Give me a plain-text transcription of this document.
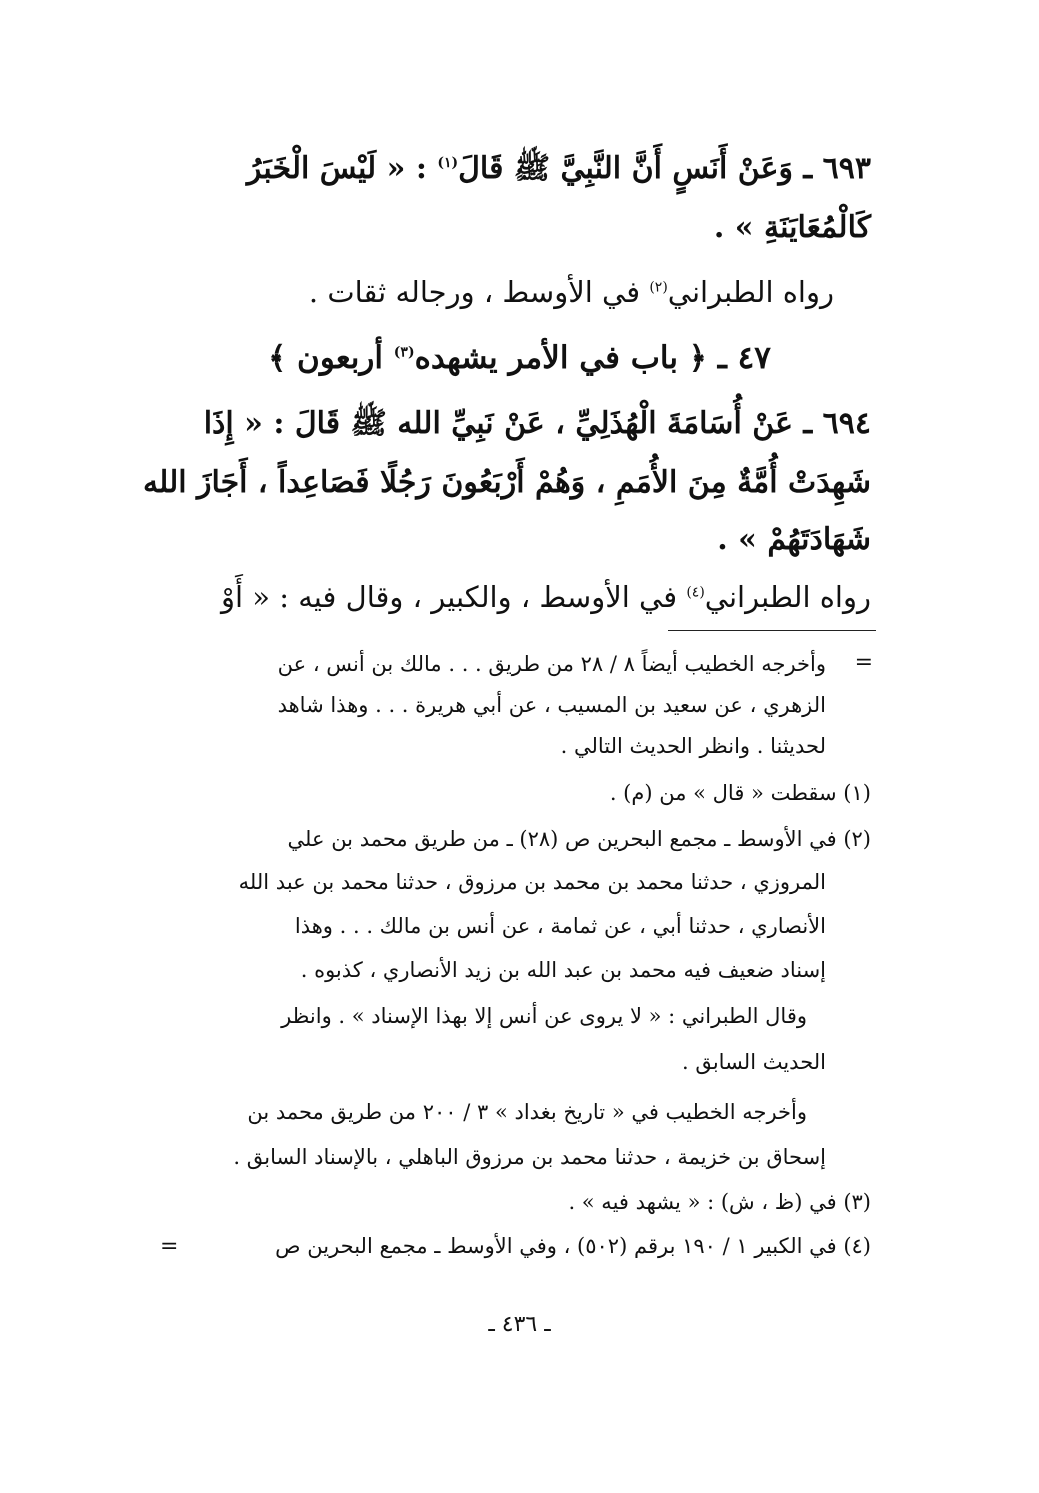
٦٩٣ ـ وَعَنْ أَنَسٍ أَنَّ النَّبِيَّ ﷺ قَالَ$^{(١)}$ : « لَيْسَ الْخَبَرُ
كَالْمُعَايَنَةِ » .
رواه الطبراني$^{(٢)}$ في الأوسط ، ورجاله ثقات .
٤٧ ـ ﴿ باب في الأمر يشهده$^{(٣)}$ أربعون ﴾
٦٩٤ ـ عَنْ أُسَامَةَ الْهُذَلِيِّ ، عَنْ نَبِيِّ الله ﷺ قَالَ : « إِذَا
شَهِدَتْ أُمَّةٌ مِنَ الأُمَمِ ، وَهُمْ أَرْبَعُونَ رَجُلًا فَصَاعِداً ، أَجَازَ الله
شَهَادَتَهُمْ » .
رواه الطبراني$^{(٤)}$ في الأوسط ، والكبير ، وقال فيه : « أَوْ
=
وأخرجه الخطيب أيضاً ٨ / ٢٨ من طريق . . . مالك بن أنس ، عن
الزهري ، عن سعيد بن المسيب ، عن أبي هريرة . . . وهذا شاهد
لحديثنا . وانظر الحديث التالي .
(١) سقطت « قال » من (م) .
(٢) في الأوسط ـ مجمع البحرين ص (٢٨) ـ من طريق محمد بن علي
المروزي ، حدثنا محمد بن محمد بن مرزوق ، حدثنا محمد بن عبد الله
الأنصاري ، حدثنا أبي ، عن ثمامة ، عن أنس بن مالك . . . وهذا
إسناد ضعيف فيه محمد بن عبد الله بن زيد الأنصاري ، كذبوه .
وقال الطبراني : « لا يروى عن أنس إلا بهذا الإسناد » . وانظر
الحديث السابق .
وأخرجه الخطيب في « تاريخ بغداد » ٣ / ٢٠٠ من طريق محمد بن
إسحاق بن خزيمة ، حدثنا محمد بن مرزوق الباهلي ، بالإسناد السابق .
(٣) في (ظ ، ش) : « يشهد فيه » .
=	(٤) في الكبير ١ / ١٩٠ برقم (٥٠٢) ، وفي الأوسط ـ مجمع البحرين ص
ـ ٤٣٦ ـ
